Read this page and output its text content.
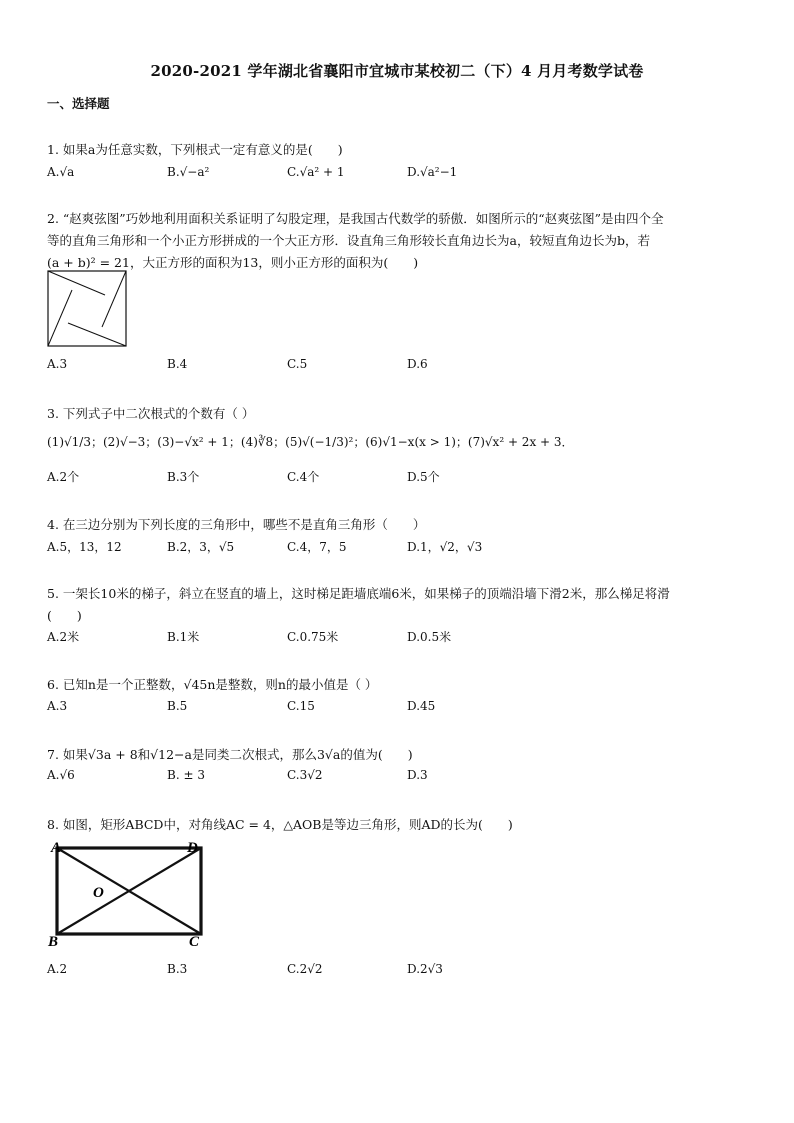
2020-2021 学年湖北省襄阳市宜城市某校初二（下）4 月月考数学试卷
一、选择题
1. 如果a为任意实数，下列根式一定有意义的是(　　)
A.√a	B.√−a²	C.√a² + 1	D.√a²−1
2. “赵爽弦图”巧妙地利用面积关系证明了勾股定理，是我国古代数学的骄傲．如图所示的“赵爽弦图”是由四个全
等的直角三角形和一个小正方形拼成的一个大正方形．设直角三角形较长直角边长为a，较短直角边长为b，若
(a + b)² = 21，大正方形的面积为13，则小正方形的面积为(　　)
A.3	B.4	C.5	D.6
3. 下列式子中二次根式的个数有（ ）
(1)√1/3；(2)√−3；(3)−√x² + 1；(4)∛8；(5)√(−1/3)²；(6)√1−x(x > 1)；(7)√x² + 2x + 3．
A.2个	B.3个	C.4个	D.5个
4. 在三边分别为下列长度的三角形中，哪些不是直角三角形（　　）
A.5，13，12	B.2，3，√5	C.4，7，5	D.1，√2，√3
5. 一架长10米的梯子，斜立在竖直的墙上，这时梯足距墙底端6米，如果梯子的顶端沿墙下滑2米，那么梯足将滑
(　　)
A.2米	B.1米	C.0.75米	D.0.5米
6. 已知n是一个正整数，√45n是整数，则n的最小值是（ ）
A.3	B.5	C.15	D.45
7. 如果√3a + 8和√12−a是同类二次根式，那么3√a的值为(　　)
A.√6	B. ± 3	C.3√2	D.3
8. 如图，矩形ABCD中，对角线AC = 4，△AOB是等边三角形，则AD的长为(　　)
A	D
B	C
O
A.2	B.3	C.2√2	D.2√3
